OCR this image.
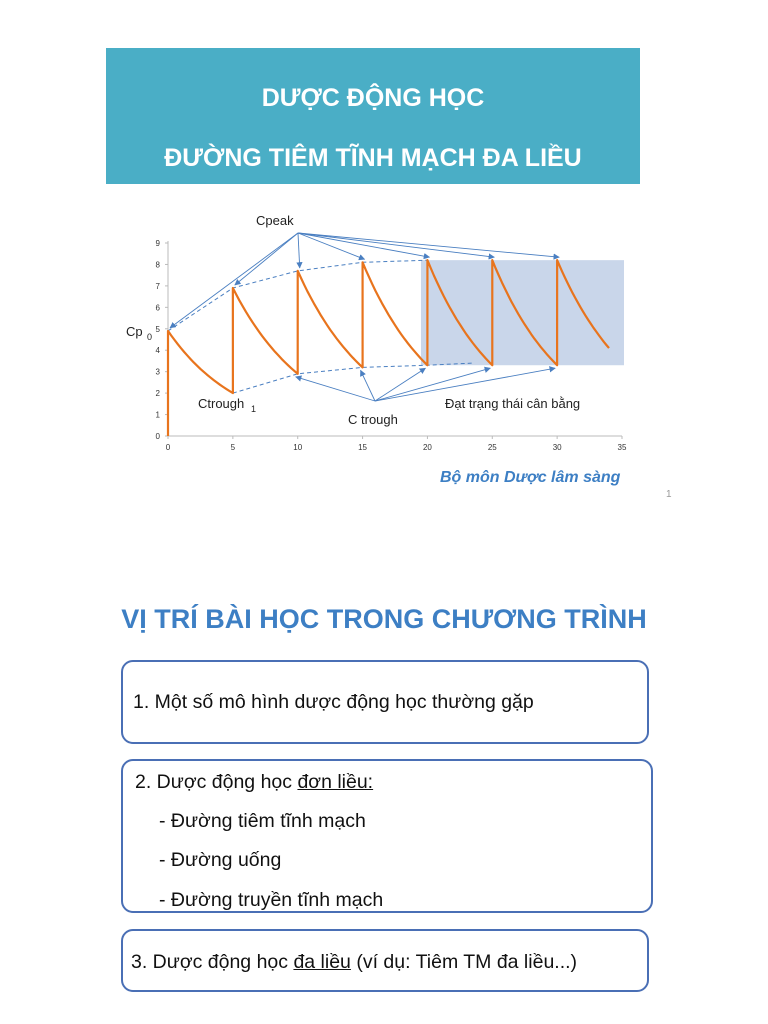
DƯỢC ĐỘNG HỌC
ĐƯỜNG TIÊM TĨNH MẠCH ĐA LIỀU
0	5	10	15	20	25	30	35
0
1
2
3
4
5
6
7
8
9
Cpeak
Cp 0
Ctrough 1
C trough
Đạt trạng thái cân bằng
Bộ môn Dược lâm sàng
1
VỊ TRÍ BÀI HỌC TRONG CHƯƠNG TRÌNH
1. Một số mô hình dược động học thường gặp
2. Dược động học đơn liều:
- Đường tiêm tĩnh mạch
- Đường uống
- Đường truyền tĩnh mạch
3. Dược động học đa liều (ví dụ: Tiêm TM đa liều...)
